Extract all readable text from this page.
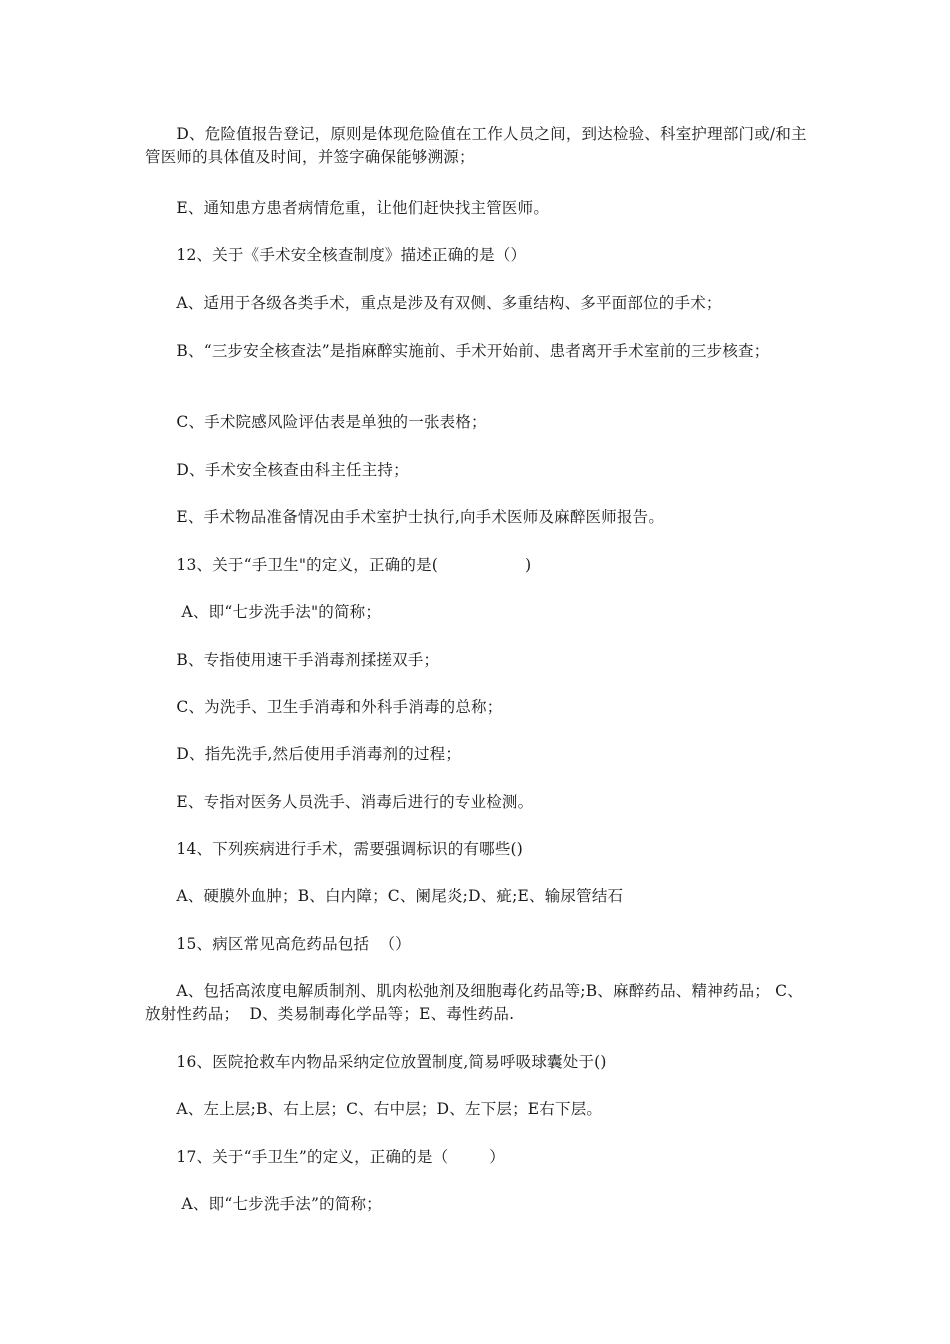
　　D、危险值报告登记，原则是体现危险值在工作人员之间，到达检验、科室护理部门或/和主管医师的具体值及时间，并签字确保能够溯源；

　　E、通知患方患者病情危重，让他们赶快找主管医师。

　　12、关于《手术安全核查制度》描述正确的是（）

　　A、适用于各级各类手术，重点是涉及有双侧、多重结构、多平面部位的手术；

　　B、“三步安全核查法”是指麻醉实施前、手术开始前、患者离开手术室前的三步核查；

　　C、手术院感风险评估表是单独的一张表格；

　　D、手术安全核查由科主任主持；

　　E、手术物品准备情况由手术室护士执行,向手术医师及麻醉医师报告。

　　13、关于“手卫生"的定义，正确的是(                 )

　　 A、即“七步洗手法"的简称；

　　B、专指使用速干手消毒剂揉搓双手；

　　C、为洗手、卫生手消毒和外科手消毒的总称；

　　D、指先洗手,然后使用手消毒剂的过程；

　　E、专指对医务人员洗手、消毒后进行的专业检测。

　　14、下列疾病进行手术，需要强调标识的有哪些()

　　A、硬膜外血肿；B、白内障；C、阑尾炎;D、疵;E、输尿管结石

　　15、病区常见高危药品包括  （）

　　A、包括高浓度电解质制剂、肌肉松弛剂及细胞毒化药品等;B、麻醉药品、精神药品； C、放射性药品；  D、类易制毒化学品等；E、毒性药品.

　　16、医院抢救车内物品采纳定位放置制度,简易呼吸球囊处于()

　　A、左上层;B、右上层；C、右中层；D、左下层；E右下层。

　　17、关于“手卫生”的定义，正确的是（        ）

　　 A、即“七步洗手法”的简称；
